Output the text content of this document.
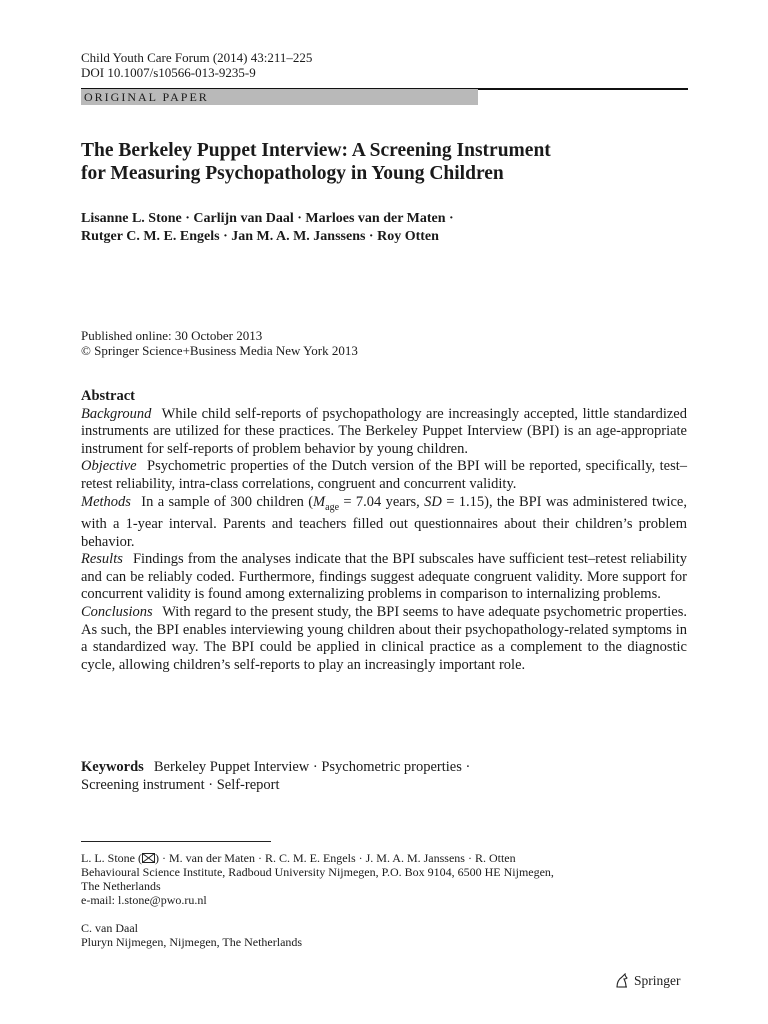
Child Youth Care Forum (2014) 43:211–225
DOI 10.1007/s10566-013-9235-9
ORIGINAL PAPER
The Berkeley Puppet Interview: A Screening Instrument
for Measuring Psychopathology in Young Children
Lisanne L. Stone · Carlijn van Daal · Marloes van der Maten ·
Rutger C. M. E. Engels · Jan M. A. M. Janssens · Roy Otten
Published online: 30 October 2013
© Springer Science+Business Media New York 2013

Abstract

Background While child self-reports of psychopathology are increasingly accepted, little standardized instruments are utilized for these practices. The Berkeley Puppet Interview (BPI) is an age-appropriate instrument for self-reports of problem behavior by young children.

Objective Psychometric properties of the Dutch version of the BPI will be reported, specifically, test–retest reliability, intra-class correlations, congruent and concurrent validity.

Methods In a sample of 300 children ($M_{age} = 7.04$ years, SD = 1.15), the BPI was administered twice, with a 1-year interval. Parents and teachers filled out questionnaires about their children’s problem behavior.

Results Findings from the analyses indicate that the BPI subscales have sufficient test–retest reliability and can be reliably coded. Furthermore, findings suggest adequate congruent validity. More support for concurrent validity is found among externalizing problems in comparison to internalizing problems.

Conclusions With regard to the present study, the BPI seems to have adequate psychometric properties. As such, the BPI enables interviewing young children about their psychopathology-related symptoms in a standardized way. The BPI could be applied in clinical practice as a complement to the diagnostic cycle, allowing children’s self-reports to play an increasingly important role.

Keywords Berkeley Puppet Interview · Psychometric properties ·
Screening instrument · Self-report
L. L. Stone ( ) · M. van der Maten · R. C. M. E. Engels · J. M. A. M. Janssens · R. Otten
Behavioural Science Institute, Radboud University Nijmegen, P.O. Box 9104, 6500 HE Nijmegen,
The Netherlands
e-mail: l.stone@pwo.ru.nl
C. van Daal
Pluryn Nijmegen, Nijmegen, The Netherlands
Springer
